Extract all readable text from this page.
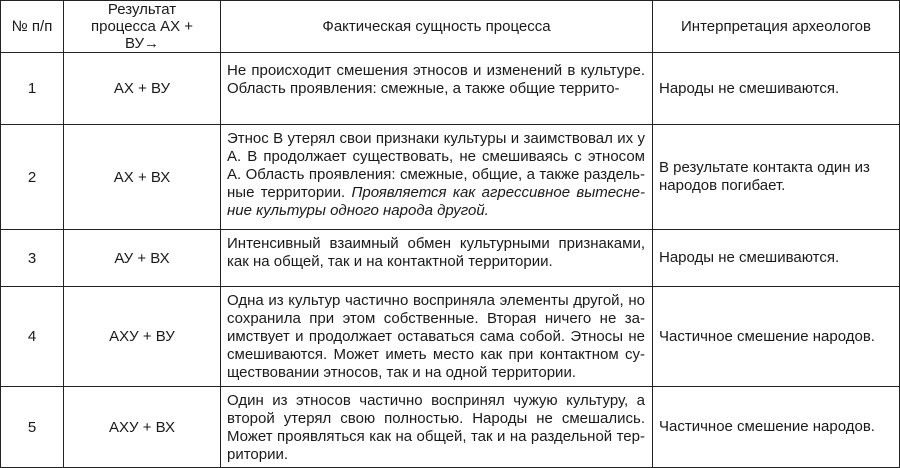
№ п/п	Результат процесса АХ + ВУ→	Фактическая сущность процесса	Интерпретация археологов
1	АХ + ВУ	Не происходит смешения этносов и изменений в культуре. Область проявления: смежные, а также общие террито-	Народы не смешиваются.
2	АХ + ВХ	Этнос В утерял свои признаки культуры и заимствовал их у А. В продолжает существовать, не смешиваясь с этносом А. Область проявления: смежные, общие, а также раздель- ные территории. Проявляется как агрессивное вытесне- ние культуры одного народа другой.	В результате контакта один из народов погибает.
3	АУ + ВХ	Интенсивный взаимный обмен культурными признаками, как на общей, так и на контактной территории.	Народы не смешиваются.
4	АХУ + ВУ	Одна из культур частично восприняла элементы другой, но сохранила при этом собственные. Вторая ничего не за- имствует и продолжает оставаться сама собой. Этносы не смешиваются. Может иметь место как при контактном су- ществовании этносов, так и на одной территории.	Частичное смешение народов.
5	АХУ + ВХ	Один из этносов частично воспринял чужую культуру, а второй утерял свою полностью. Народы не смешались. Может проявляться как на общей, так и на раздельной тер- ритории.	Частичное смешение народов.
